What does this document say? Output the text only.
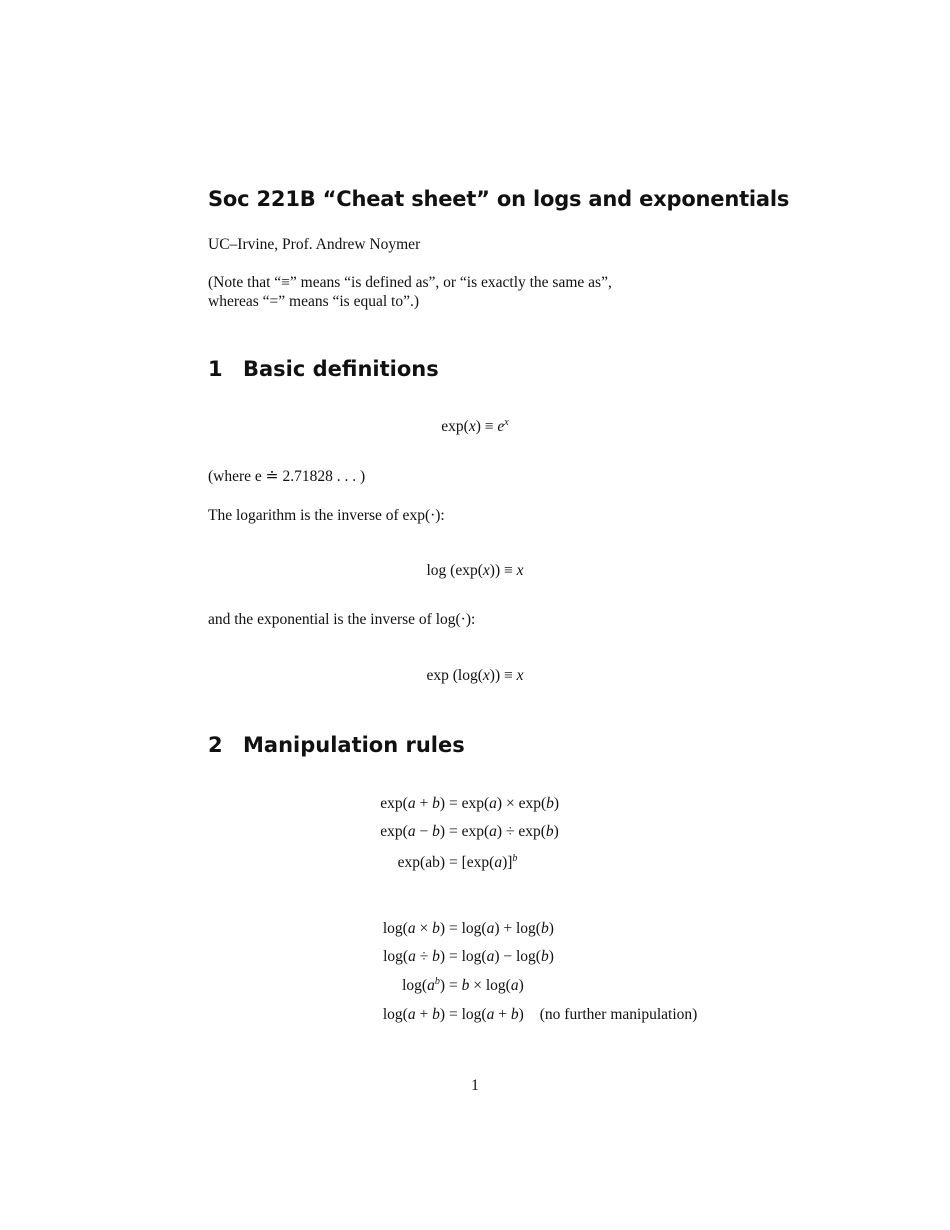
Soc 221B “Cheat sheet” on logs and exponentials
UC–Irvine, Prof. Andrew Noymer
(Note that “≡” means “is defined as”, or “is exactly the same as”,
whereas “=” means “is equal to”.)
1 Basic definitions
$\exp(x) \equiv e^x$
(where e ≐ 2.71828 . . . )
The logarithm is the inverse of exp(·):
log (exp(x)) ≡ x
and the exponential is the inverse of log(·):
exp (log(x)) ≡ x
2 Manipulation rules
exp(a + b) = exp(a) × exp(b)
exp(a − b) = exp(a) ÷ exp(b)
$\exp(ab) = [\exp(a)]^b$
log(a × b) = log(a) + log(b)
log(a ÷ b) = log(a) − log(b)
$\log(a^b) = b \times \log(a)$
log(a + b) = log(a + b) (no further manipulation)
1
